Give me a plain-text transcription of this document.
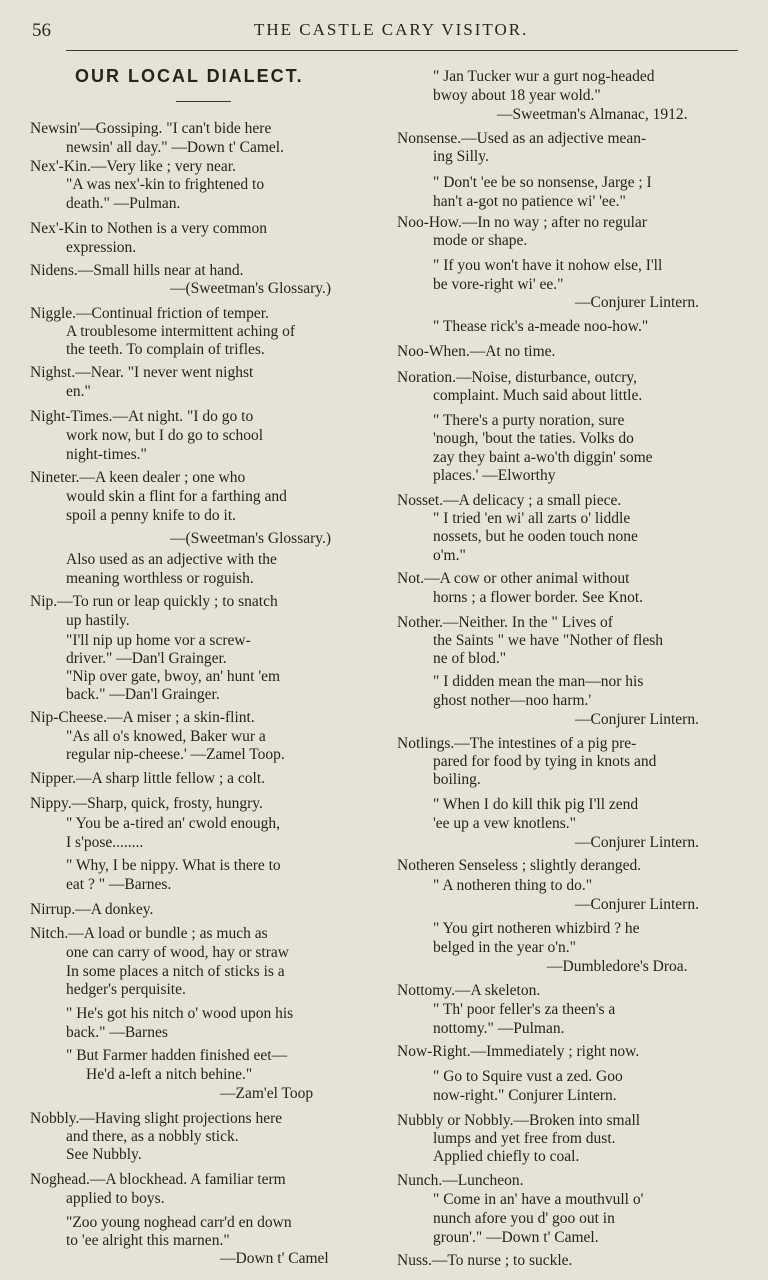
56	THE CASTLE CARY VISITOR.
OUR LOCAL DIALECT.
Newsin'—Gossiping. "I can't bide here
newsin' all day." —Down t' Camel.
Nex'-Kin.—Very like ; very near.
"A was nex'-kin to frightened to
death." —Pulman.
Nex'-Kin to Nothen is a very common
expression.
Nidens.—Small hills near at hand.
—(Sweetman's Glossary.)
Niggle.—Continual friction of temper.
A troublesome intermittent aching of
the teeth. To complain of trifles.
Nighst.—Near. "I never went nighst
en."
Night-Times.—At night. "I do go to
work now, but I do go to school
night-times."
Nineter.—A keen dealer ; one who
would skin a flint for a farthing and
spoil a penny knife to do it.
—(Sweetman's Glossary.)
Also used as an adjective with the
meaning worthless or roguish.
Nip.—To run or leap quickly ; to snatch
up hastily.
"I'll nip up home vor a screw-
driver." —Dan'l Grainger.
"Nip over gate, bwoy, an' hunt 'em
back." —Dan'l Grainger.
Nip-Cheese.—A miser ; a skin-flint.
"As all o's knowed, Baker wur a
regular nip-cheese.' —Zamel Toop.
Nipper.—A sharp little fellow ; a colt.
Nippy.—Sharp, quick, frosty, hungry.
" You be a-tired an' cwold enough,
I s'pose........
" Why, I be nippy. What is there to
eat ? " —Barnes.
Nirrup.—A donkey.
Nitch.—A load or bundle ; as much as
one can carry of wood, hay or straw
In some places a nitch of sticks is a
hedger's perquisite.
" He's got his nitch o' wood upon his
back." —Barnes
" But Farmer hadden finished eet—
He'd a-left a nitch behine."
—Zam'el Toop
Nobbly.—Having slight projections here
and there, as a nobbly stick.
See Nubbly.
Noghead.—A blockhead. A familiar term
applied to boys.
"Zoo young noghead carr'd en down
to 'ee alright this marnen."
—Down t' Camel
" Jan Tucker wur a gurt nog-headed
bwoy about 18 year wold."
—Sweetman's Almanac, 1912.
Nonsense.—Used as an adjective mean-
ing Silly.
" Don't 'ee be so nonsense, Jarge ; I
han't a-got no patience wi' 'ee."
Noo-How.—In no way ; after no regular
mode or shape.
" If you won't have it nohow else, I'll
be vore-right wi' ee."
—Conjurer Lintern.
" Thease rick's a-meade noo-how."
Noo-When.—At no time.
Noration.—Noise, disturbance, outcry,
complaint. Much said about little.
" There's a purty noration, sure
'nough, 'bout the taties. Volks do
zay they baint a-wo'th diggin' some
places.' —Elworthy
Nosset.—A delicacy ; a small piece.
" I tried 'en wi' all zarts o' liddle
nossets, but he ooden touch none
o'm."
Not.—A cow or other animal without
horns ; a flower border. See Knot.
Nother.—Neither. In the " Lives of
the Saints " we have "Nother of flesh
ne of blod."
" I didden mean the man—nor his
ghost nother—noo harm.'
—Conjurer Lintern.
Notlings.—The intestines of a pig pre-
pared for food by tying in knots and
boiling.
" When I do kill thik pig I'll zend
'ee up a vew knotlens."
—Conjurer Lintern.
Notheren Senseless ; slightly deranged.
" A notheren thing to do."
—Conjurer Lintern.
" You girt notheren whizbird ? he
belged in the year o'n."
—Dumbledore's Droa.
Nottomy.—A skeleton.
" Th' poor feller's za theen's a
nottomy." —Pulman.
Now-Right.—Immediately ; right now.
" Go to Squire vust a zed. Goo
now-right." Conjurer Lintern.
Nubbly or Nobbly.—Broken into small
lumps and yet free from dust.
Applied chiefly to coal.
Nunch.—Luncheon.
" Come in an' have a mouthvull o'
nunch afore you d' goo out in
groun'." —Down t' Camel.
Nuss.—To nurse ; to suckle.
